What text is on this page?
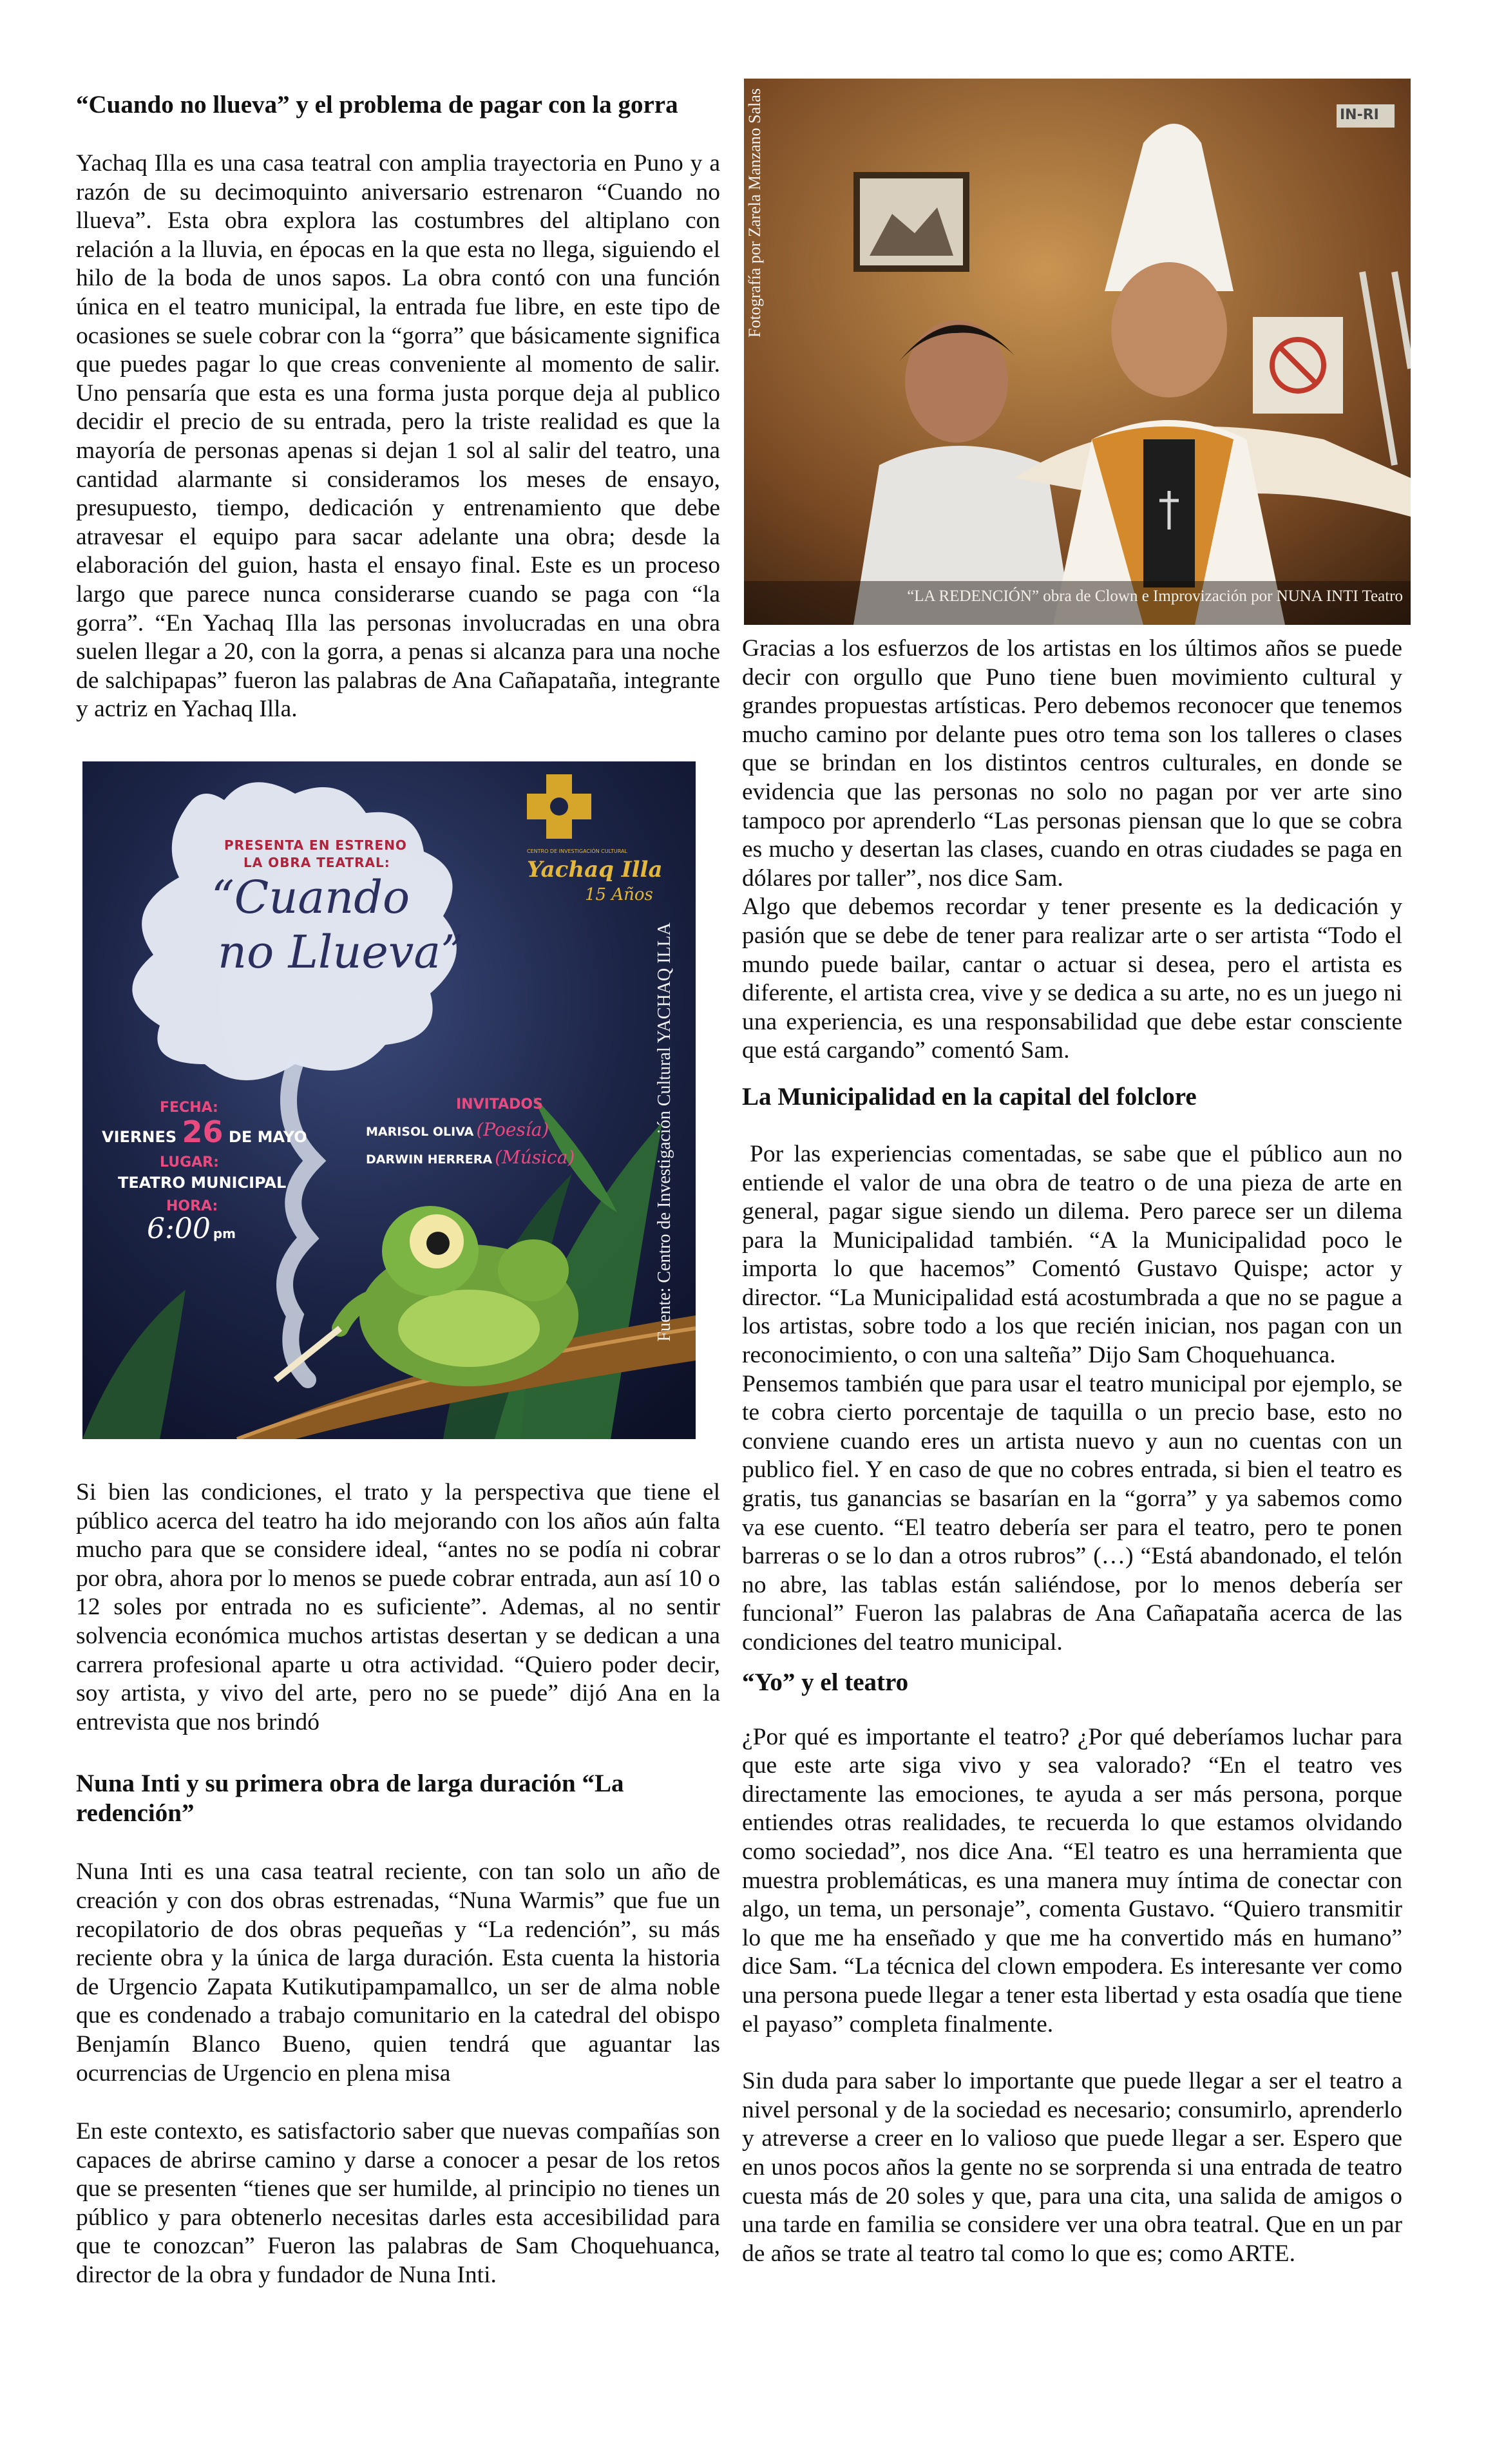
“Cuando no llueva” y el problema de pagar con la gorra

Yachaq Illa es una casa teatral con amplia trayectoria en Puno y a razón de su decimoquinto aniversario estrenaron “Cuando no llueva”. Esta obra explora las costumbres del altiplano con relación a la lluvia, en épocas en la que esta no llega, siguiendo el hilo de la boda de unos sapos. La obra contó con una función única en el teatro municipal, la entrada fue libre, en este tipo de ocasiones se suele cobrar con la “gorra” que básicamente significa que puedes pagar lo que creas conveniente al momento de salir. Uno pensaría que esta es una forma justa porque deja al publico decidir el precio de su entrada, pero la triste realidad es que la mayoría de personas apenas si dejan 1 sol al salir del teatro, una cantidad alarmante si consideramos los meses de ensayo, presupuesto, tiempo, dedicación y entrenamiento que debe atravesar el equipo para sacar adelante una obra; desde la elaboración del guion, hasta el ensayo final. Este es un proceso largo que parece nunca considerarse cuando se paga con “la gorra”. “En Yachaq Illa las personas involucradas en una obra suelen llegar a 20, con la gorra, a penas si alcanza para una noche de salchipapas” fueron las palabras de Ana Cañapataña, integrante y actriz en Yachaq Illa.

PRESENTA EN ESTRENO
LA OBRA TEATRAL:
“Cuando
no Llueva”
Yachaq Illa
CENTRO DE INVESTIGACIÓN CULTURAL
15 Años
FECHA:
VIERNES 26 DE MAYO
LUGAR:
TEATRO MUNICIPAL
HORA:
6:00 pm
INVITADOS
MARISOL OLIVA (Poesía)
DARWIN HERRERA (Música)	Fuente: Centro de Investigación Cultural YACHAQ ILLA

Si bien las condiciones, el trato y la perspectiva que tiene el público acerca del teatro ha ido mejorando con los años aún falta mucho para que se considere ideal, “antes no se podía ni cobrar por obra, ahora por lo menos se puede cobrar entrada, aun así 10 o 12 soles por entrada no es suficiente”. Ademas, al no sentir solvencia económica muchos artistas desertan y se dedican a una carrera profesional aparte u otra actividad. “Quiero poder decir, soy artista, y vivo del arte, pero no se puede” dijó Ana en la entrevista que nos brindó

Nuna Inti y su primera obra de larga duración “La redención”

Nuna Inti es una casa teatral reciente, con tan solo un año de creación y con dos obras estrenadas, “Nuna Warmis” que fue un recopilatorio de dos obras pequeñas y “La redención”, su más reciente obra y la única de larga duración. Esta cuenta la historia de Urgencio Zapata Kutikutipampamallco, un ser de alma noble que es condenado a trabajo comunitario en la catedral del obispo Benjamín Blanco Bueno, quien tendrá que aguantar las ocurrencias de Urgencio en plena misa

En este contexto, es satisfactorio saber que nuevas compañías son capaces de abrirse camino y darse a conocer a pesar de los retos que se presenten “tienes que ser humilde, al principio no tienes un público y para obtenerlo necesitas darles esta accesibilidad para que te conozcan” Fueron las palabras de Sam Choquehuanca, director de la obra y fundador de Nuna Inti.

IN-RI
Fotografía por Zarela Manzano Salas
“LA REDENCIÓN” obra de Clown e Improvización por NUNA INTI Teatro

Gracias a los esfuerzos de los artistas en los últimos años se puede decir con orgullo que Puno tiene buen movimiento cultural y grandes propuestas artísticas. Pero debemos reconocer que tenemos mucho camino por delante pues otro tema son los talleres o clases que se brindan en los distintos centros culturales, en donde se evidencia que las personas no solo no pagan por ver arte sino tampoco por aprenderlo “Las personas piensan que lo que se cobra es mucho y desertan las clases, cuando en otras ciudades se paga en dólares por taller”, nos dice Sam.

Algo que debemos recordar y tener presente es la dedicación y pasión que se debe de tener para realizar arte o ser artista “Todo el mundo puede bailar, cantar o actuar si desea, pero el artista es diferente, el artista crea, vive y se dedica a su arte, no es un juego ni una experiencia, es una responsabilidad que debe estar consciente que está cargando” comentó Sam.

La Municipalidad en la capital del folclore

Por las experiencias comentadas, se sabe que el público aun no entiende el valor de una obra de teatro o de una pieza de arte en general, pagar sigue siendo un dilema. Pero parece ser un dilema para la Municipalidad también. “A la Municipalidad poco le importa lo que hacemos” Comentó Gustavo Quispe; actor y director. “La Municipalidad está acostumbrada a que no se pague a los artistas, sobre todo a los que recién inician, nos pagan con un reconocimiento, o con una salteña” Dijo Sam Choquehuanca.

Pensemos también que para usar el teatro municipal por ejemplo, se te cobra cierto porcentaje de taquilla o un precio base, esto no conviene cuando eres un artista nuevo y aun no cuentas con un publico fiel. Y en caso de que no cobres entrada, si bien el teatro es gratis, tus ganancias se basarían en la “gorra” y ya sabemos como va ese cuento. “El teatro debería ser para el teatro, pero te ponen barreras o se lo dan a otros rubros” (…) “Está abandonado, el telón no abre, las tablas están saliéndose, por lo menos debería ser funcional” Fueron las palabras de Ana Cañapataña acerca de las condiciones del teatro municipal.

“Yo” y el teatro

¿Por qué es importante el teatro? ¿Por qué deberíamos luchar para que este arte siga vivo y sea valorado? “En el teatro ves directamente las emociones, te ayuda a ser más persona, porque entiendes otras realidades, te recuerda lo que estamos olvidando como sociedad”, nos dice Ana. “El teatro es una herramienta que muestra problemáticas, es una manera muy íntima de conectar con algo, un tema, un personaje”, comenta Gustavo. “Quiero transmitir lo que me ha enseñado y que me ha convertido más en humano” dice Sam. “La técnica del clown empodera. Es interesante ver como una persona puede llegar a tener esta libertad y esta osadía que tiene el payaso” completa finalmente.

Sin duda para saber lo importante que puede llegar a ser el teatro a nivel personal y de la sociedad es necesario; consumirlo, aprenderlo y atreverse a creer en lo valioso que puede llegar a ser. Espero que en unos pocos años la gente no se sorprenda si una entrada de teatro cuesta más de 20 soles y que, para una cita, una salida de amigos o una tarde en familia se considere ver una obra teatral. Que en un par de años se trate al teatro tal como lo que es; como ARTE.
